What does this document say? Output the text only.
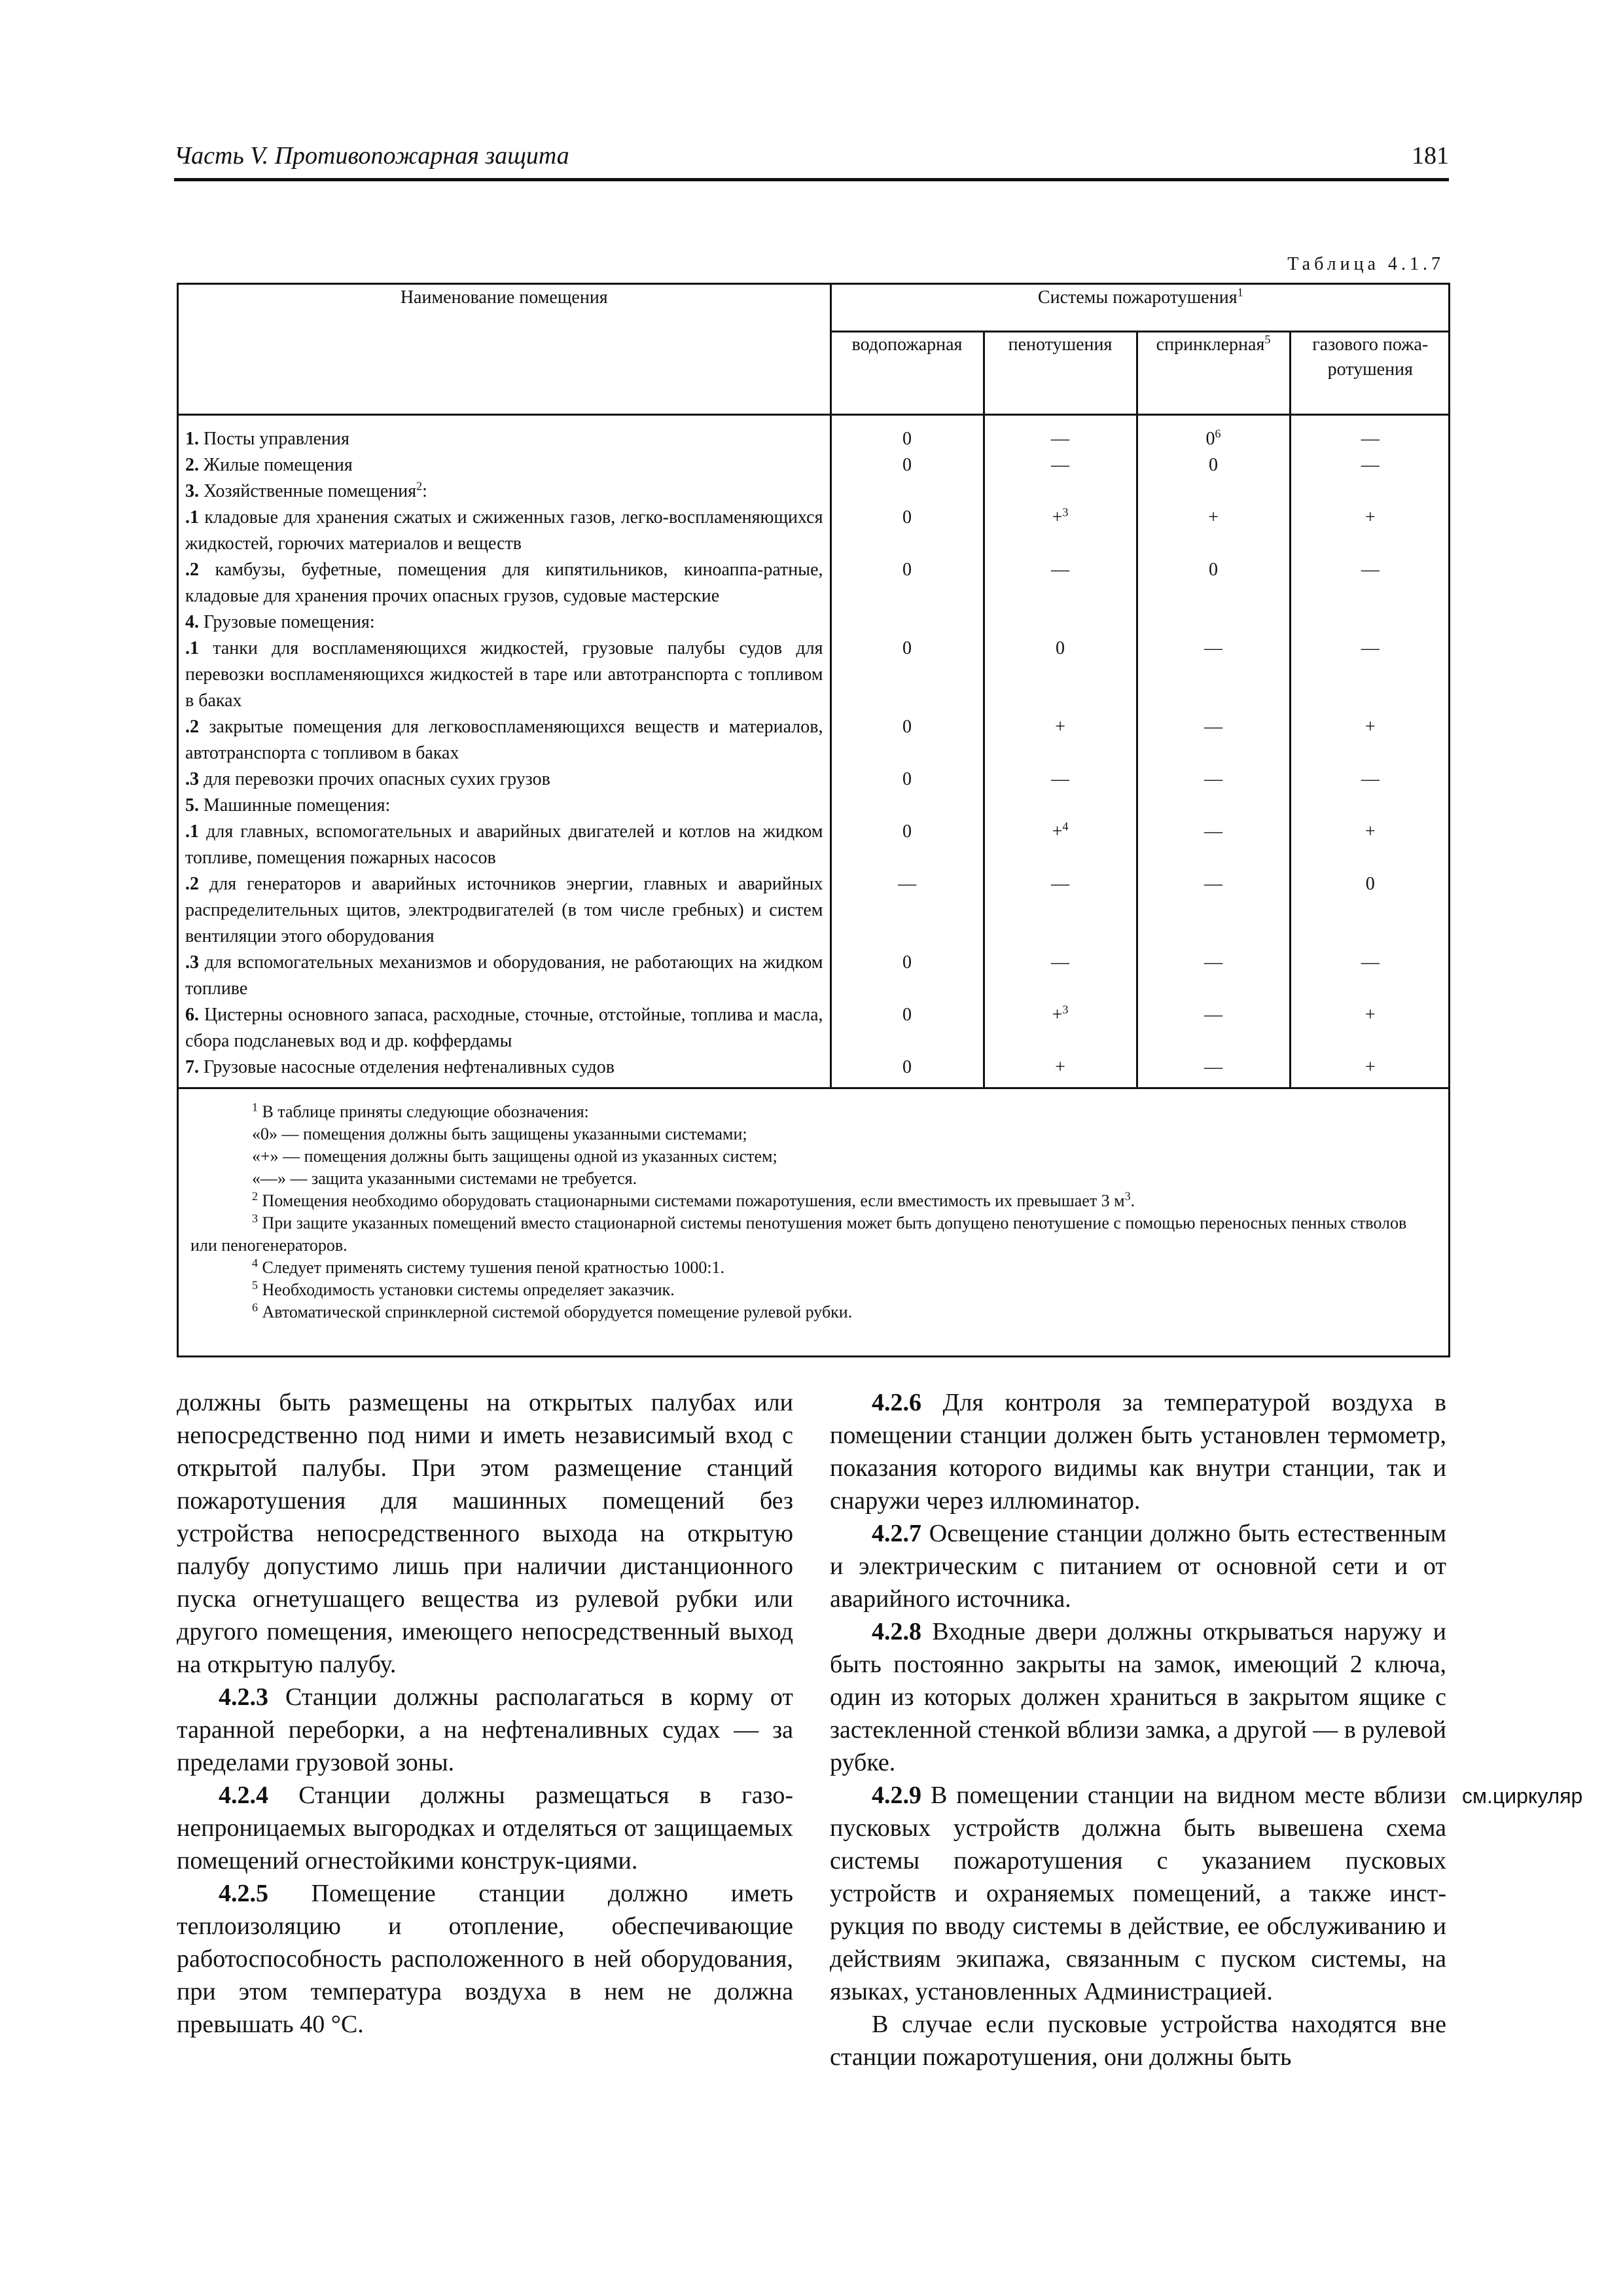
Часть V. Противопожарная защита	181
Таблица 4.1.7
Наименование помещения	Системы пожаротушения$^1$
	водопожарная	пенотушения	спринклерная$^5$	газового пожа-ротушения
1. Посты управления	0	—	$0^6$	—
2. Жилые помещения	0	—	0	—
3. Хозяйственные помещения$^2$:				
.1 кладовые для хранения сжатых и сжиженных газов, легко-воспламеняющихся жидкостей, горючих материалов и веществ	0	+$^3$	+	+
.2 камбузы, буфетные, помещения для кипятильников, киноаппа-ратные, кладовые для хранения прочих опасных грузов, судовые мастерские	0	—	0	—
4. Грузовые помещения:				
.1 танки для воспламеняющихся жидкостей, грузовые палубы судов для перевозки воспламеняющихся жидкостей в таре или автотранспорта с топливом в баках	0	0	—	—
.2 закрытые помещения для легковоспламеняющихся веществ и материалов, автотранспорта с топливом в баках	0	+	—	+
.3 для перевозки прочих опасных сухих грузов	0	—	—	—
5. Машинные помещения:				
.1 для главных, вспомогательных и аварийных двигателей и котлов на жидком топливе, помещения пожарных насосов	0	+$^4$	—	+
.2 для генераторов и аварийных источников энергии, главных и аварийных распределительных щитов, электродвигателей (в том числе гребных) и систем вентиляции этого оборудования	—	—	—	0
.3 для вспомогательных механизмов и оборудования, не работающих на жидком топливе	0	—	—	—
6. Цистерны основного запаса, расходные, сточные, отстойные, топлива и масла, сбора подсланевых вод и др. коффердамы	0	+$^3$	—	+
7. Грузовые насосные отделения нефтеналивных судов	0	+	—	+

$^1$ В таблице приняты следующие обозначения:

«0» — помещения должны быть защищены указанными системами;

«+» — помещения должны быть защищены одной из указанных систем;

«—» — защита указанными системами не требуется.

$^2$ Помещения необходимо оборудовать стационарными системами пожаротушения, если вместимость их превышает 3 $м^3$.

$^3$ При защите указанных помещений вместо стационарной системы пенотушения может быть допущено пенотушение с помощью переносных пенных стволов или пеногенераторов.

$^4$ Следует применять систему тушения пеной кратностью 1000:1.

$^5$ Необходимость установки системы определяет заказчик.

$^6$ Автоматической спринклерной системой оборудуется помещение рулевой рубки.

должны быть размещены на открытых палубах или непосредственно под ними и иметь независимый вход с открытой палубы. При этом размещение станций пожаротушения для машинных помещений без устройства непосредственного выхода на открытую палубу допустимо лишь при наличии дистанционного пуска огнетушащего вещества из рулевой рубки или другого помещения, имеющего непосредственный выход на открытую палубу.

4.2.3 Станции должны располагаться в корму от таранной переборки, а на нефтеналивных судах — за пределами грузовой зоны.

4.2.4 Станции должны размещаться в газо-непроницаемых выгородках и отделяться от защищаемых помещений огнестойкими конструк-циями.

4.2.5 Помещение станции должно иметь теплоизоляцию и отопление, обеспечивающие работоспособность расположенного в ней оборудования, при этом температура воздуха в нем не должна превышать 40 °С.

4.2.6 Для контроля за температурой воздуха в помещении станции должен быть установлен термометр, показания которого видимы как внутри станции, так и снаружи через иллюминатор.

4.2.7 Освещение станции должно быть естественным и электрическим с питанием от основной сети и от аварийного источника.

4.2.8 Входные двери должны открываться наружу и быть постоянно закрыты на замок, имеющий 2 ключа, один из которых должен храниться в закрытом ящике с застекленной стенкой вблизи замка, а другой — в рулевой рубке.

4.2.9 В помещении станции на видном месте вблизи пусковых устройств должна быть вывешена схема системы пожаротушения с указанием пусковых устройств и охраняемых помещений, а также инст-рукция по вводу системы в действие, ее обслуживанию и действиям экипажа, связанным с пуском системы, на языках, установленных Администрацией.

В случае если пусковые устройства находятся вне станции пожаротушения, они должны быть

см.циркуляр
